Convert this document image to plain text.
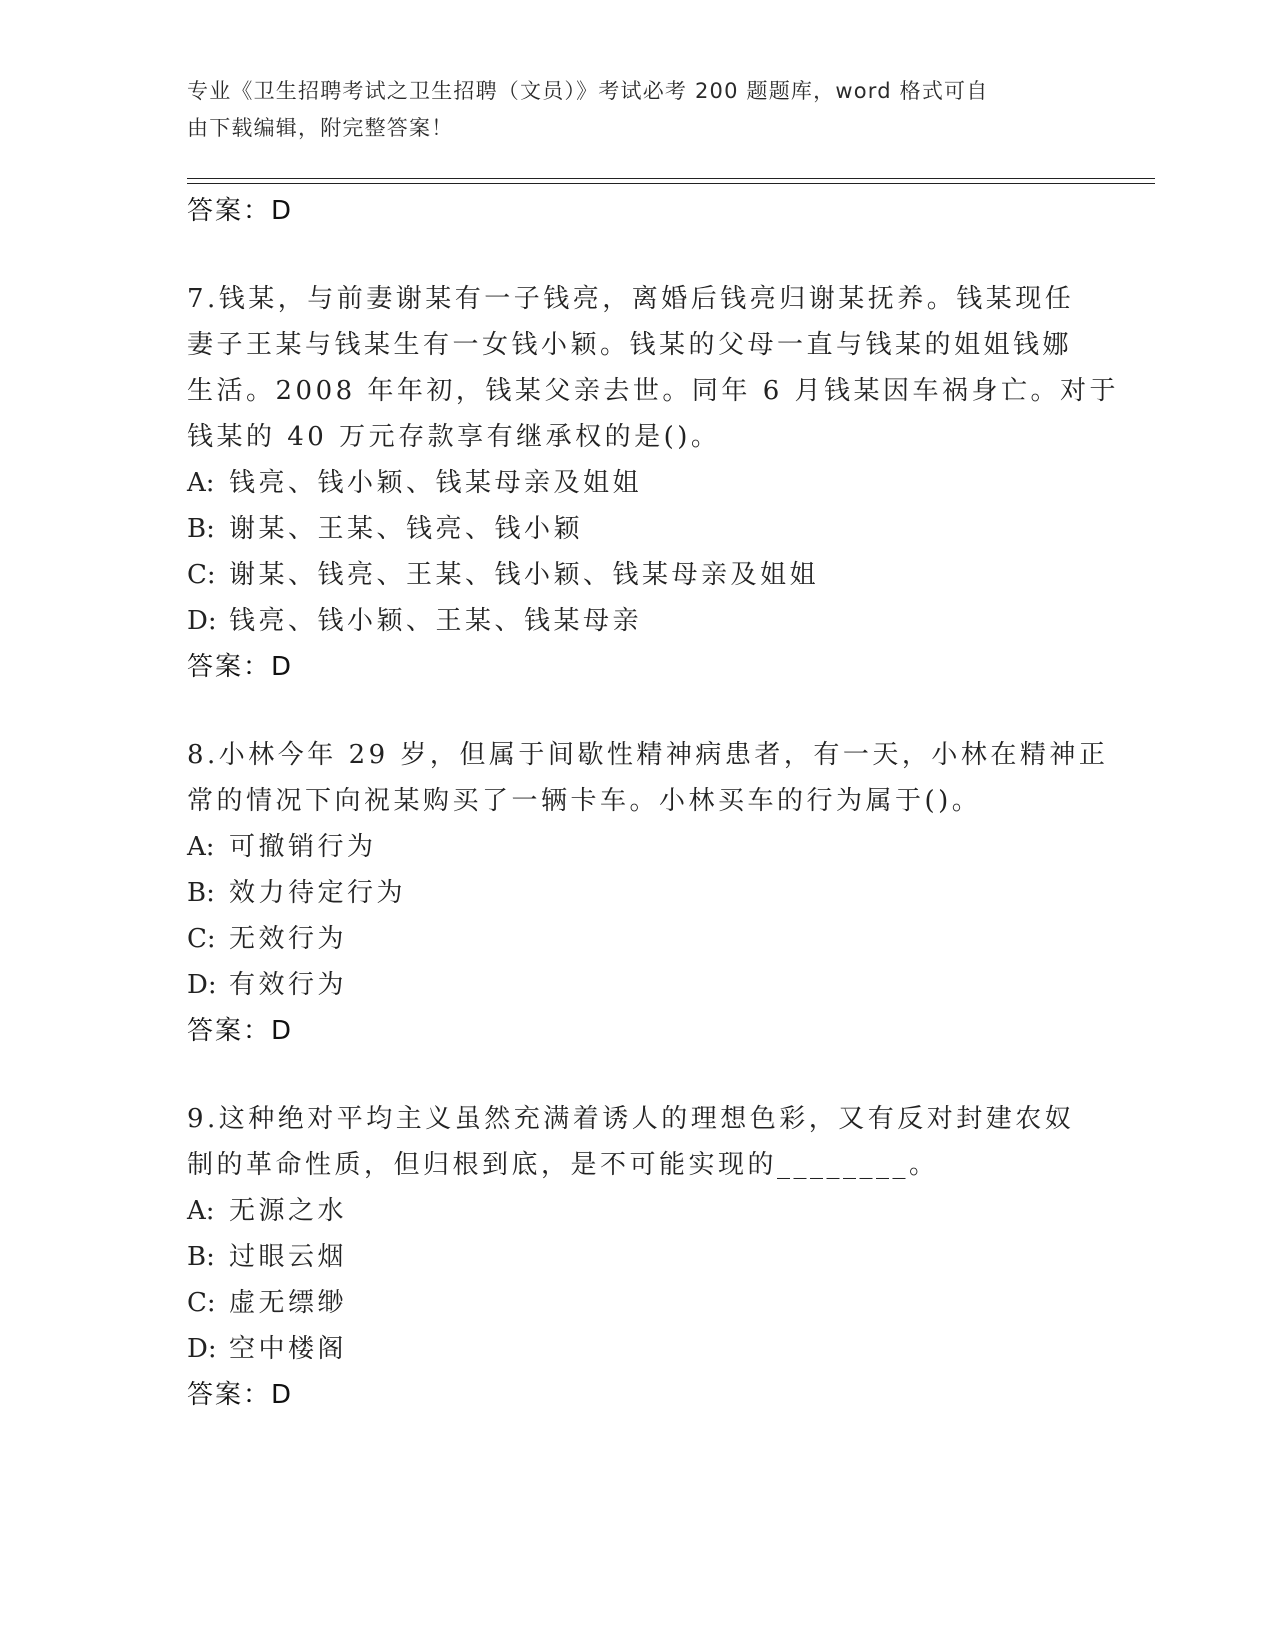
专业《卫生招聘考试之卫生招聘（文员）》考试必考 200 题题库，word 格式可自
由下载编辑，附完整答案！
答案：D
7.钱某，与前妻谢某有一子钱亮，离婚后钱亮归谢某抚养。钱某现任
妻子王某与钱某生有一女钱小颖。钱某的父母一直与钱某的姐姐钱娜
生活。2008 年年初，钱某父亲去世。同年 6 月钱某因车祸身亡。对于
钱某的 40 万元存款享有继承权的是()。
A: 钱亮、钱小颖、钱某母亲及姐姐
B: 谢某、王某、钱亮、钱小颖
C: 谢某、钱亮、王某、钱小颖、钱某母亲及姐姐
D: 钱亮、钱小颖、王某、钱某母亲
答案：D
8.小林今年 29 岁，但属于间歇性精神病患者，有一天，小林在精神正
常的情况下向祝某购买了一辆卡车。小林买车的行为属于()。
A: 可撤销行为
B: 效力待定行为
C: 无效行为
D: 有效行为
答案：D
9.这种绝对平均主义虽然充满着诱人的理想色彩，又有反对封建农奴
制的革命性质，但归根到底，是不可能实现的________。
A: 无源之水
B: 过眼云烟
C: 虚无缥缈
D: 空中楼阁
答案：D
